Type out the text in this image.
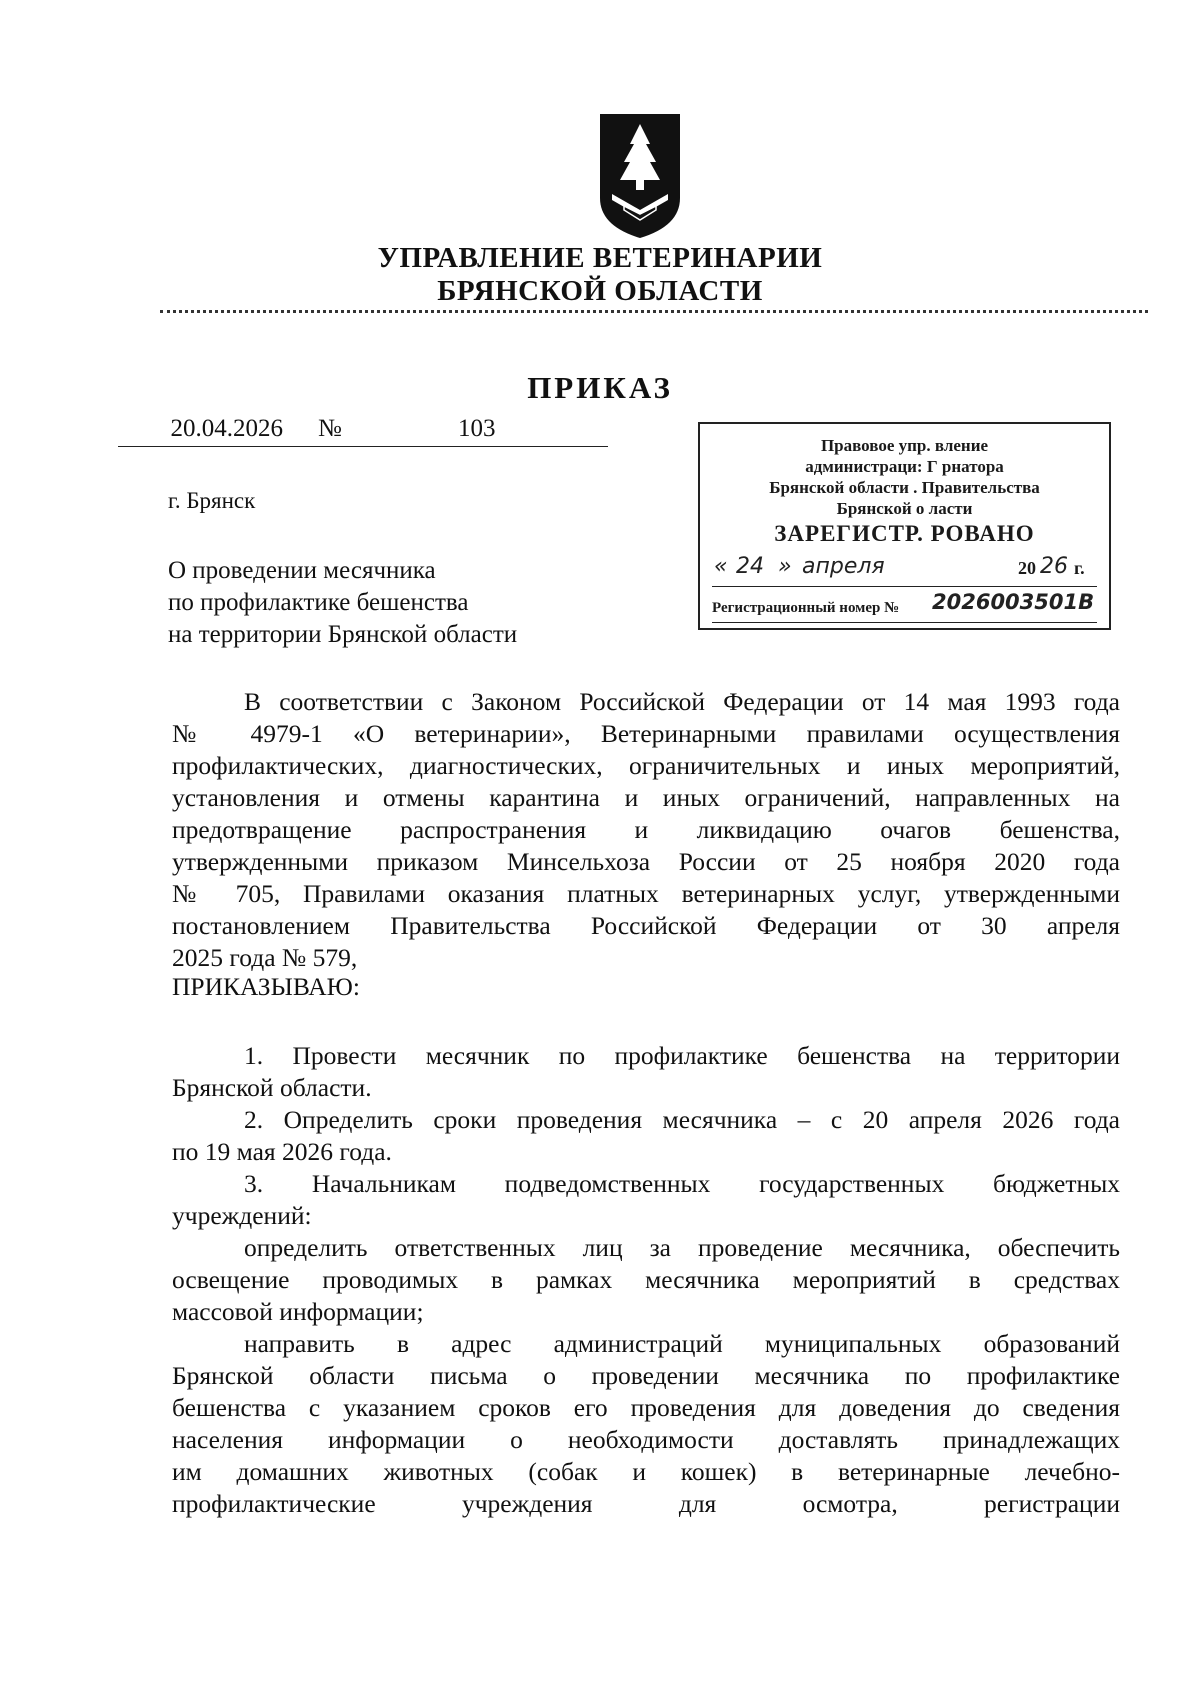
УПРАВЛЕНИЕ ВЕТЕРИНАРИИ
БРЯНСКОЙ ОБЛАСТИ
ПРИКАЗ
20.04.2026 №	103
г. Брянск
О проведении месячника
по профилактике бешенства
на территории Брянской области
Правовое упр. вление
администраци: Г рнатора
Брянской области . Правительства
Брянской о ласти
ЗАРЕГИСТР. РОВАНО
« 24 » апреля	20 26 г.
Регистрационный номер № 2026003501В
В соответствии с Законом Российской Федерации от 14 мая 1993 года
№ 4979-1 «О ветеринарии», Ветеринарными правилами осуществления
профилактических, диагностических, ограничительных и иных мероприятий,
установления и отмены карантина и иных ограничений, направленных на
предотвращение распространения и ликвидацию очагов бешенства,
утвержденными приказом Минсельхоза России от 25 ноября 2020 года
№ 705, Правилами оказания платных ветеринарных услуг, утвержденными
постановлением Правительства Российской Федерации от 30 апреля
2025 года № 579,
ПРИКАЗЫВАЮ:
1. Провести месячник по профилактике бешенства на территории
Брянской области.
2. Определить сроки проведения месячника – с 20 апреля 2026 года
по 19 мая 2026 года.
3. Начальникам подведомственных государственных бюджетных
учреждений:
определить ответственных лиц за проведение месячника, обеспечить
освещение проводимых в рамках месячника мероприятий в средствах
массовой информации;
направить в адрес администраций муниципальных образований
Брянской области письма о проведении месячника по профилактике
бешенства с указанием сроков его проведения для доведения до сведения
населения информации о необходимости доставлять принадлежащих
им домашних животных (собак и кошек) в ветеринарные лечебно-
профилактические учреждения для осмотра, регистрации
